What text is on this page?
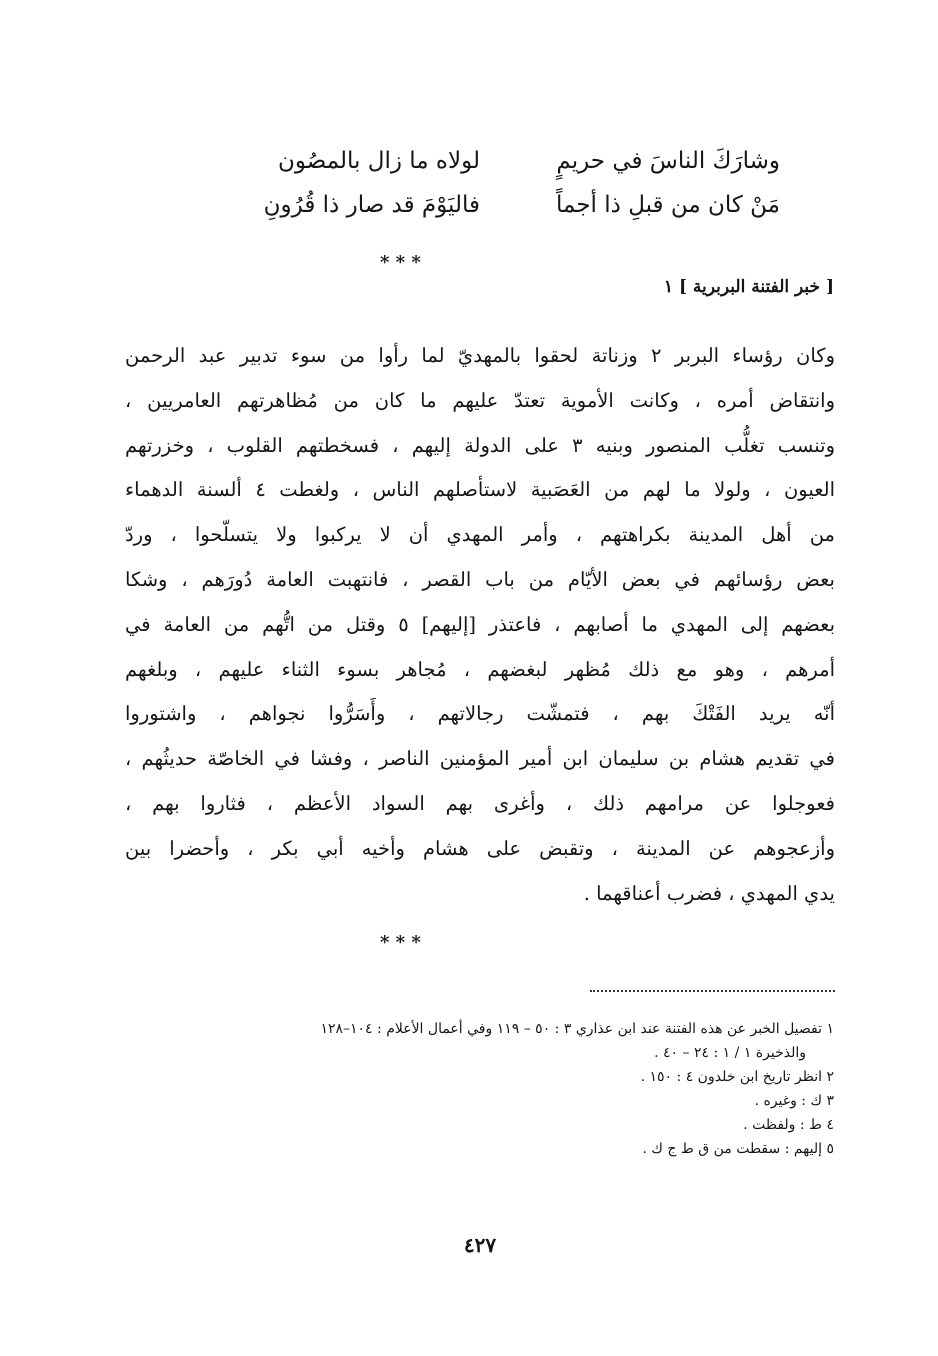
وشارَكَ الناسَ في حريمٍ
لولاه ما زال بالمصُون
مَنْ كان من قبلِ ذا أجماً
فاليَوْمَ قد صار ذا قُرُونِ
* * *
[ خبر الفتنة البربرية ] ١
وكان رؤساء البربر ٢ وزناتة لحقوا بالمهديّ لما رأوا من سوء تدبير عبد الرحمن
وانتقاض أمره ، وكانت الأموية تعتدّ عليهم ما كان من مُظاهرتهم العامريين ،
وتنسب تغلُّب المنصور وبنيه ٣ على الدولة إليهم ، فسخطتهم القلوب ، وخزرتهم
العيون ، ولولا ما لهم من العَصَبية لاستأصلهم الناس ، ولغطت ٤ ألسنة الدهماء
من أهل المدينة بكراهتهم ، وأمر المهدي أن لا يركبوا ولا يتسلّحوا ، وردّ
بعض رؤسائهم في بعض الأيّام من باب القصر ، فانتهبت العامة دُورَهم ، وشكا
بعضهم إلى المهدي ما أصابهم ، فاعتذر [إليهم] ٥ وقتل من اتُّهم من العامة في
أمرهم ، وهو مع ذلك مُظهر لبغضهم ، مُجاهر بسوء الثناء عليهم ، وبلغهم
أنّه يريد الفَتْكَ بهم ، فتمشّت رجالاتهم ، وأَسَرُّوا نجواهم ، واشتوروا
في تقديم هشام بن سليمان ابن أمير المؤمنين الناصر ، وفشا في الخاصّة حديثُهم ،
فعوجلوا عن مرامهم ذلك ، وأغرى بهم السواد الأعظم ، فثاروا بهم ،
وأزعجوهم عن المدينة ، وتقبض على هشام وأخيه أبي بكر ، وأحضرا بين
يدي المهدي ، فضرب أعناقهما .
* * *
١ تفصيل الخبر عن هذه الفتنة عند ابن عذاري ٣ : ٥٠ – ١١٩ وفي أعمال الأعلام : ١٠٤–١٢٨
والذخيرة ١ / ١ : ٢٤ – ٤٠ .
٢ انظر تاريخ ابن خلدون ٤ : ١٥٠ .
٣ ك : وغيره .
٤ ط : ولفظت .
٥ إليهم : سقطت من ق ط ج ك .
٤٢٧
